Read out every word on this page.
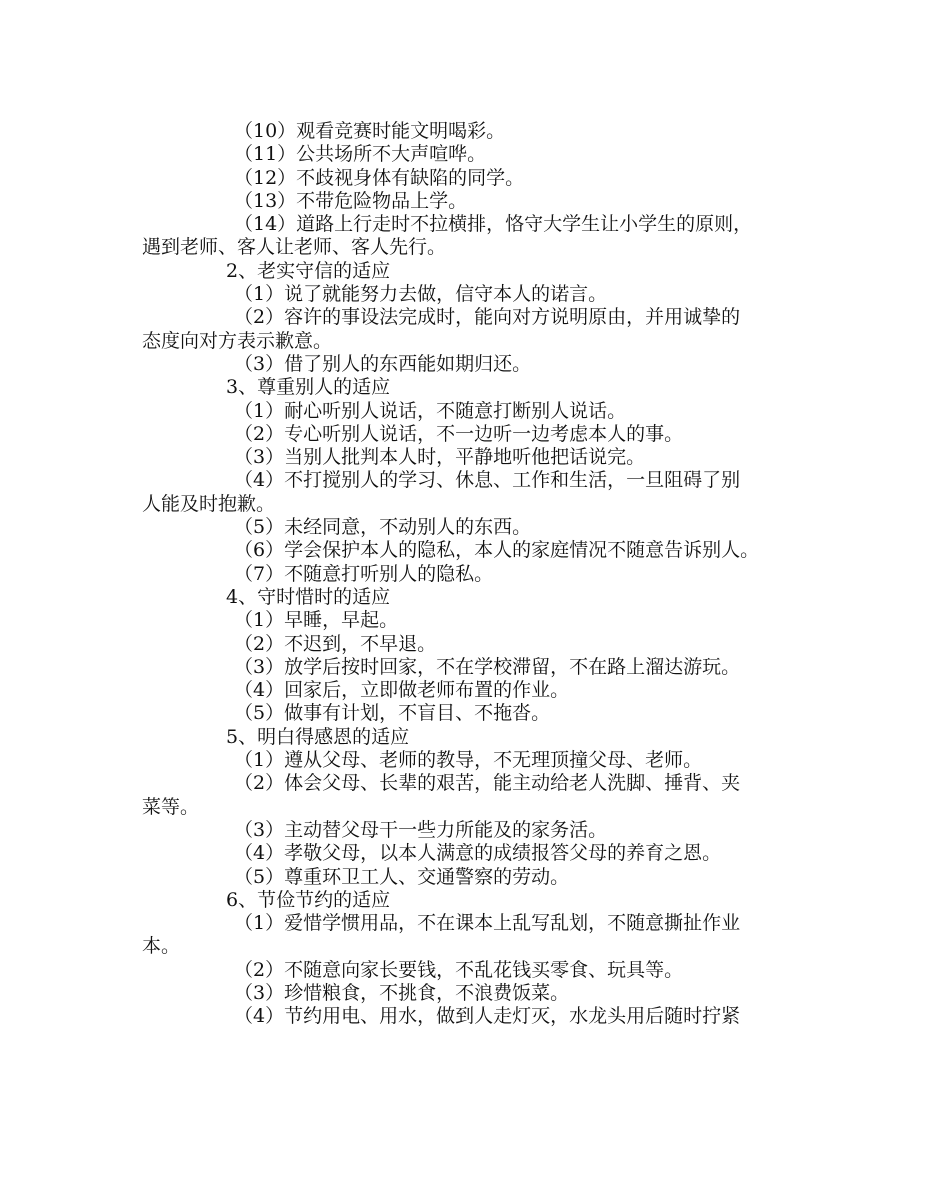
（10）观看竞赛时能文明喝彩。

（11）公共场所不大声喧哗。

（12）不歧视身体有缺陷的同学。

（13）不带危险物品上学。

（14）道路上行走时不拉横排，恪守大学生让小学生的原则，

遇到老师、客人让老师、客人先行。

2、老实守信的适应

（1）说了就能努力去做，信守本人的诺言。

（2）容许的事设法完成时，能向对方说明原由，并用诚挚的

态度向对方表示歉意。

（3）借了别人的东西能如期归还。

3、尊重别人的适应

（1）耐心听别人说话，不随意打断别人说话。

（2）专心听别人说话，不一边听一边考虑本人的事。

（3）当别人批判本人时，平静地听他把话说完。

（4）不打搅别人的学习、休息、工作和生活，一旦阻碍了别

人能及时抱歉。

（5）未经同意，不动别人的东西。

（6）学会保护本人的隐私，本人的家庭情况不随意告诉别人。

（7）不随意打听别人的隐私。

4、守时惜时的适应

（1）早睡，早起。

（2）不迟到，不早退。

（3）放学后按时回家，不在学校滞留，不在路上溜达游玩。

（4）回家后，立即做老师布置的作业。

（5）做事有计划，不盲目、不拖沓。

5、明白得感恩的适应

（1）遵从父母、老师的教导，不无理顶撞父母、老师。

（2）体会父母、长辈的艰苦，能主动给老人洗脚、捶背、夹

菜等。

（3）主动替父母干一些力所能及的家务活。

（4）孝敬父母，以本人满意的成绩报答父母的养育之恩。

（5）尊重环卫工人、交通警察的劳动。

6、节俭节约的适应

（1）爱惜学惯用品，不在课本上乱写乱划，不随意撕扯作业

本。

（2）不随意向家长要钱，不乱花钱买零食、玩具等。

（3）珍惜粮食，不挑食，不浪费饭菜。

（4）节约用电、用水，做到人走灯灭，水龙头用后随时拧紧
